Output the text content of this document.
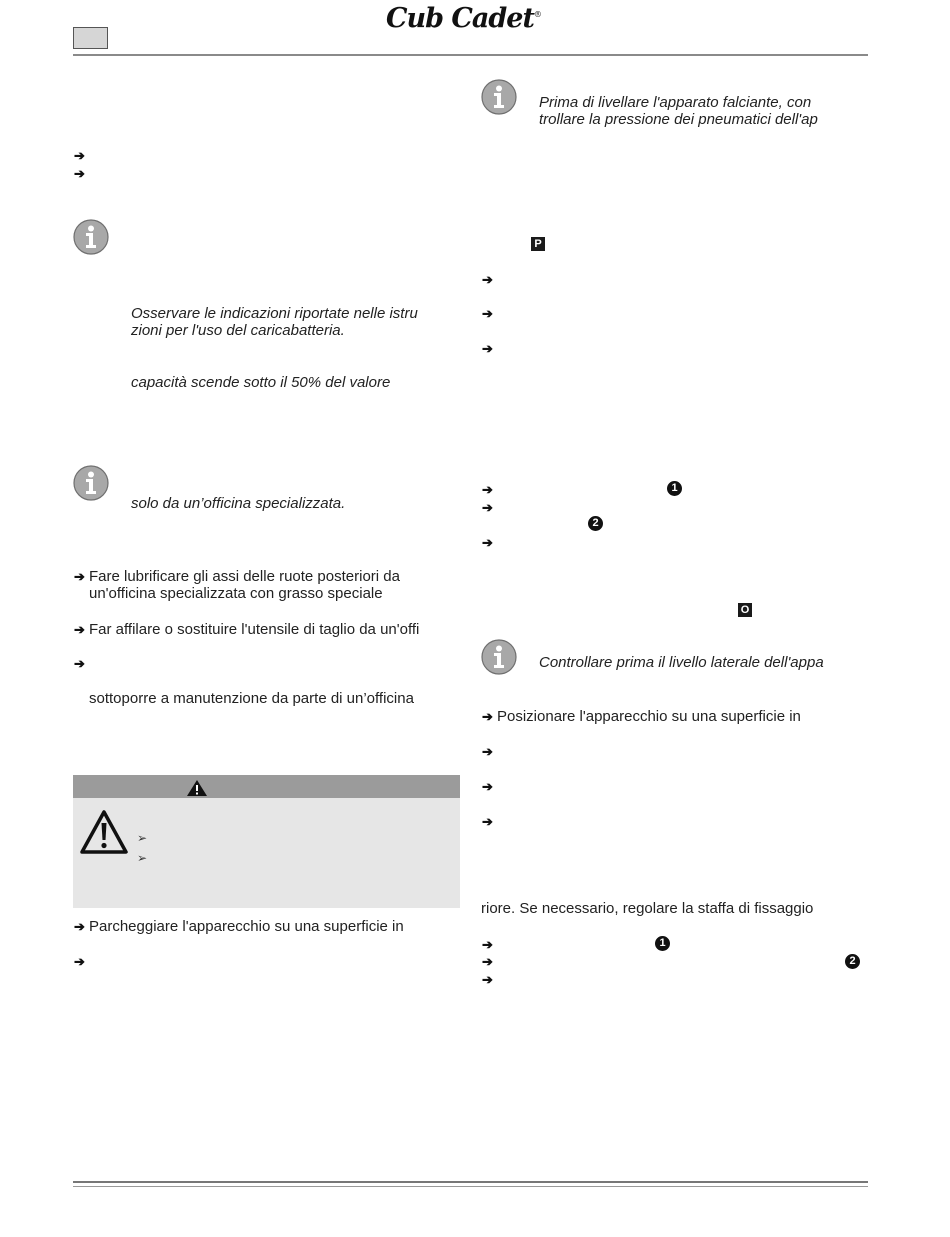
Cub Cadet®
➔
➔
Osservare le indicazioni riportate nelle istru
zioni per l'uso del caricabatteria.
capacità scende sotto il 50% del valore
solo da un’officina specializzata.
➔ Fare lubrificare gli assi delle ruote posteriori da
un'officina specializzata con grasso speciale
➔ Far affilare o sostituire l'utensile di taglio da un'offi
➔
sottoporre a manutenzione da parte di un’officina
➢
➢
➔ Parcheggiare l'apparecchio su una superficie in
➔
Prima di livellare l'apparato falciante, con
trollare la pressione dei pneumatici dell'ap
P
➔
➔
➔
➔	1
➔
2
➔
O
Controllare prima il livello laterale dell'appa
➔ Posizionare l'apparecchio su una superficie in
➔
➔
➔
riore. Se necessario, regolare la staffa di fissaggio
➔	1
➔	2
➔
